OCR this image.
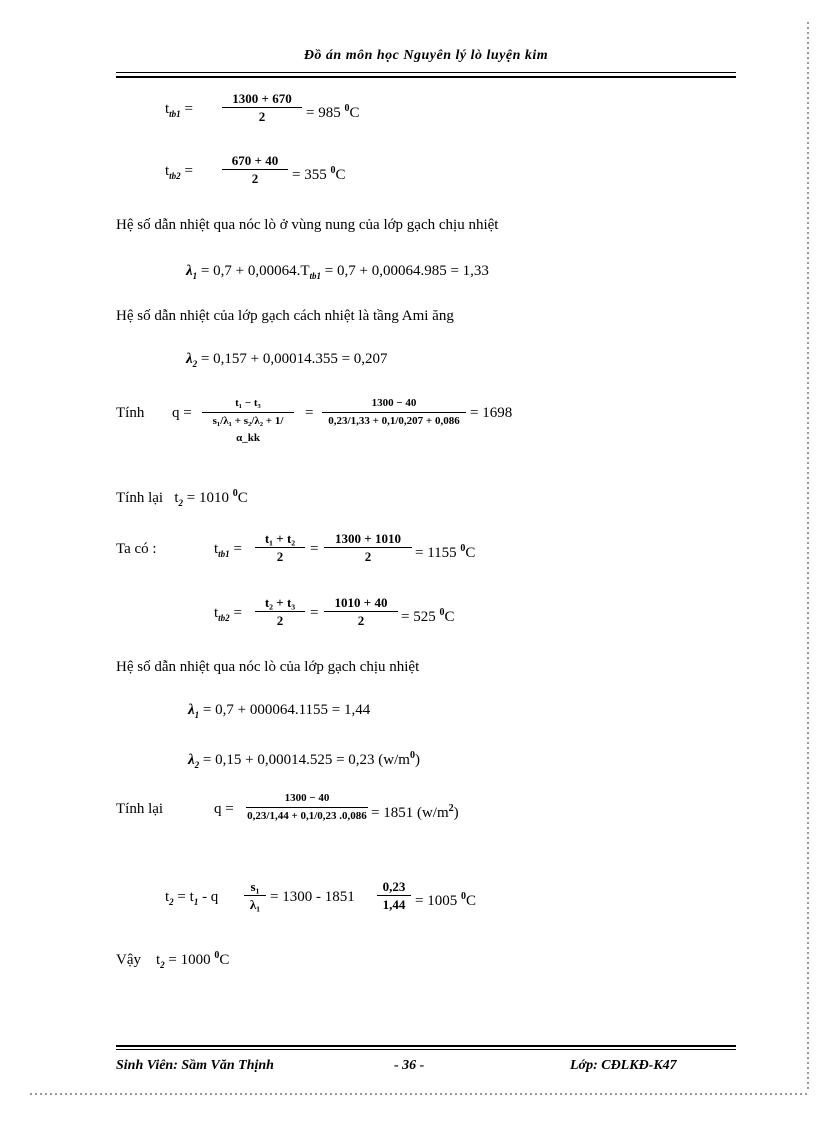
Đồ án môn học Nguyên lý lò luyện kim
$t_{tb1} = \frac{1300 + 670}{2} = 985$ $^0$C
$t_{tb2} = \frac{670 + 40}{2} = 355$ $^0$C
Hệ số dẫn nhiệt qua nóc lò ở vùng nung của lớp gạch chịu nhiệt
$\lambda_1 = 0,7 + 0,00064.T_{tb1} = 0,7 + 0,00064.985 = 1,33$
Hệ số dẫn nhiệt của lớp gạch cách nhiệt là tầng Ami ăng
$\lambda_2 = 0,157 + 0,00014.355 = 0,207$
Tính $q = \frac{\text{t₁ − t₃}}{\text{s₁/λ₁ + s₂/λ₂ + 1/α\_kk}} = \frac{1300 - 40}{0,23/1,33 + 0,1/0,207 + 0,086} = 1698$
Tính lại $t_2 = 1010$ $^0$C
Ta có :	$t_{tb1} = \frac{\text{t₁ + t₂}}{2} = \frac{1300 + 1010}{2} = 1155$ $^0$C
$t_{tb2} = \frac{\text{t₂ + t₃}}{2} = \frac{1010 + 40}{2} = 525$ $^0$C
Hệ số dẫn nhiệt qua nóc lò của lớp gạch chịu nhiệt
$\lambda_1 = 0,7 + 000064.1155 = 1,44$
$\lambda_2 = 0,15 + 0,00014.525 = 0,23$ $(w/m^0)$
Tính lại	$q = \frac{1300 - 40}{0,23/1,44 + 0,1/0,23 .0,086} = 1851$ $(w/m^2)$
$t_2 = t_1 - q \frac{\text{s₁}}{\text{λ₁}} = 1300 - 1851 \frac{0,23}{1,44} = 1005$ $^0$C
Vậy $t_2 = 1000$ $^0$C
Sinh Viên: Sầm Văn Thịnh	- 36 -	Lớp: CĐLKĐ-K47
